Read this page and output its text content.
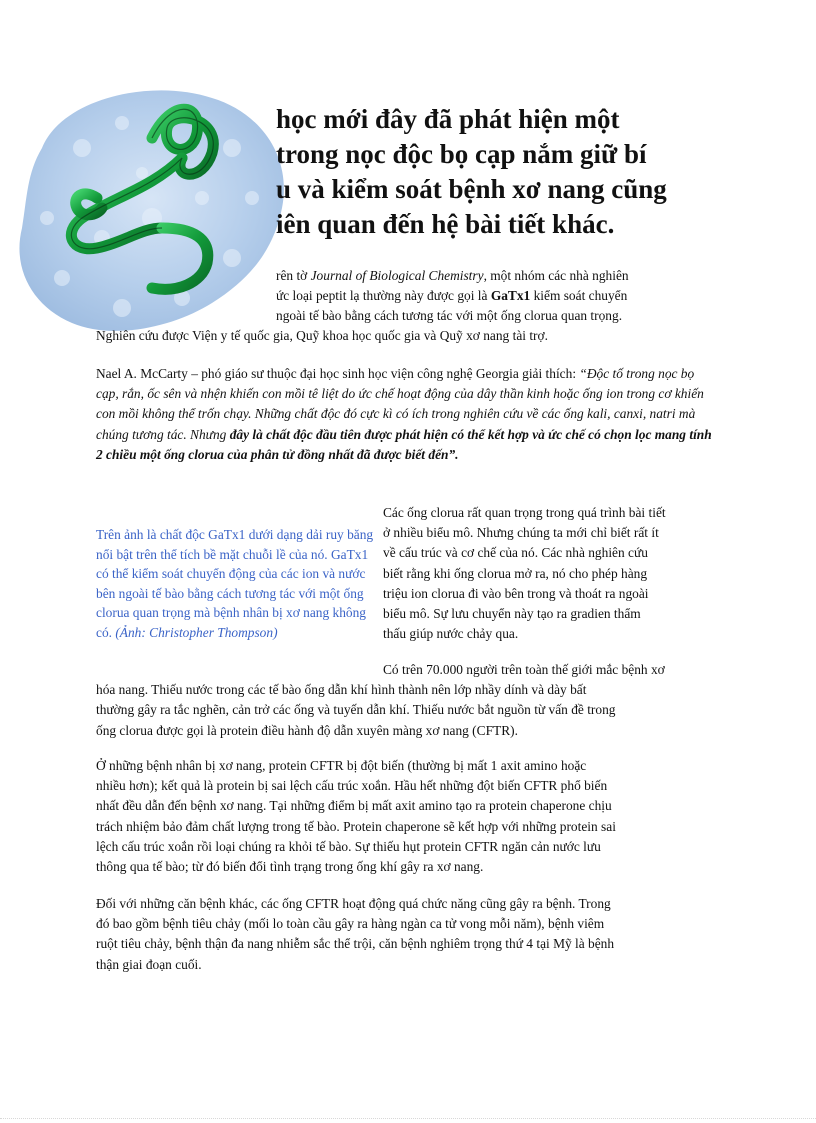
học mới đây đã phát hiện một
trong nọc độc bọ cạp nắm giữ bí
u và kiểm soát bệnh xơ nang cũng
iên quan đến hệ bài tiết khác.
rên tờ Journal of Biological Chemistry, một nhóm các nhà nghiên
ức loại peptit lạ thường này được gọi là GaTx1 kiểm soát chuyển
ngoài tế bào bằng cách tương tác với một ống clorua quan trọng.
Nghiên cứu được Viện y tế quốc gia, Quỹ khoa học quốc gia và Quỹ xơ nang tài trợ.

Nael A. McCarty – phó giáo sư thuộc đại học sinh học viện công nghệ Georgia giải thích: “Độc tố trong nọc bọ cạp, rắn, ốc sên và nhện khiến con mồi tê liệt do ức chế hoạt động của dây thần kinh hoặc ống ion trong cơ khiến con mồi không thể trốn chạy. Những chất độc đó cực kì có ích trong nghiên cứu về các ống kali, canxi, natri mà chúng tương tác. Nhưng đây là chất độc đầu tiên được phát hiện có thể kết hợp và ức chế có chọn lọc mang tính 2 chiều một ống clorua của phân tử đồng nhất đã được biết đến”.

Trên ảnh là chất độc GaTx1 dưới dạng dải ruy băng nổi bật trên thể tích bề mặt chuỗi lề của nó. GaTx1 có thể kiểm soát chuyển động của các ion và nước bên ngoài tế bào bằng cách tương tác với một ống clorua quan trọng mà bệnh nhân bị xơ nang không có. (Ảnh: Christopher Thompson)

Các ống clorua rất quan trọng trong quá trình bài tiết
ở nhiều biểu mô. Nhưng chúng ta mới chỉ biết rất ít
về cấu trúc và cơ chế của nó. Các nhà nghiên cứu
biết rằng khi ống clorua mở ra, nó cho phép hàng
triệu ion clorua đi vào bên trong và thoát ra ngoài
biểu mô. Sự lưu chuyển này tạo ra gradien thẩm
thấu giúp nước chảy qua.
Có trên 70.000 người trên toàn thế giới mắc bệnh xơ
hóa nang. Thiếu nước trong các tế bào ống dẫn khí hình thành nên lớp nhầy dính và dày bất
thường gây ra tắc nghẽn, cản trở các ống và tuyến dẫn khí. Thiếu nước bắt nguồn từ vấn đề trong
ống clorua được gọi là protein điều hành độ dẫn xuyên màng xơ nang (CFTR).
Ở những bệnh nhân bị xơ nang, protein CFTR bị đột biến (thường bị mất 1 axit amino hoặc
nhiều hơn); kết quả là protein bị sai lệch cấu trúc xoắn. Hầu hết những đột biến CFTR phổ biến
nhất đều dẫn đến bệnh xơ nang. Tại những điểm bị mất axit amino tạo ra protein chaperone chịu
trách nhiệm bảo đảm chất lượng trong tế bào. Protein chaperone sẽ kết hợp với những protein sai
lệch cấu trúc xoắn rồi loại chúng ra khỏi tế bào. Sự thiếu hụt protein CFTR ngăn cản nước lưu
thông qua tế bào; từ đó biến đổi tình trạng trong ống khí gây ra xơ nang.
Đối với những căn bệnh khác, các ống CFTR hoạt động quá chức năng cũng gây ra bệnh. Trong
đó bao gồm bệnh tiêu chảy (mối lo toàn cầu gây ra hàng ngàn ca tử vong mỗi năm), bệnh viêm
ruột tiêu chảy, bệnh thận đa nang nhiễm sắc thể trội, căn bệnh nghiêm trọng thứ 4 tại Mỹ là bệnh
thận giai đoạn cuối.
